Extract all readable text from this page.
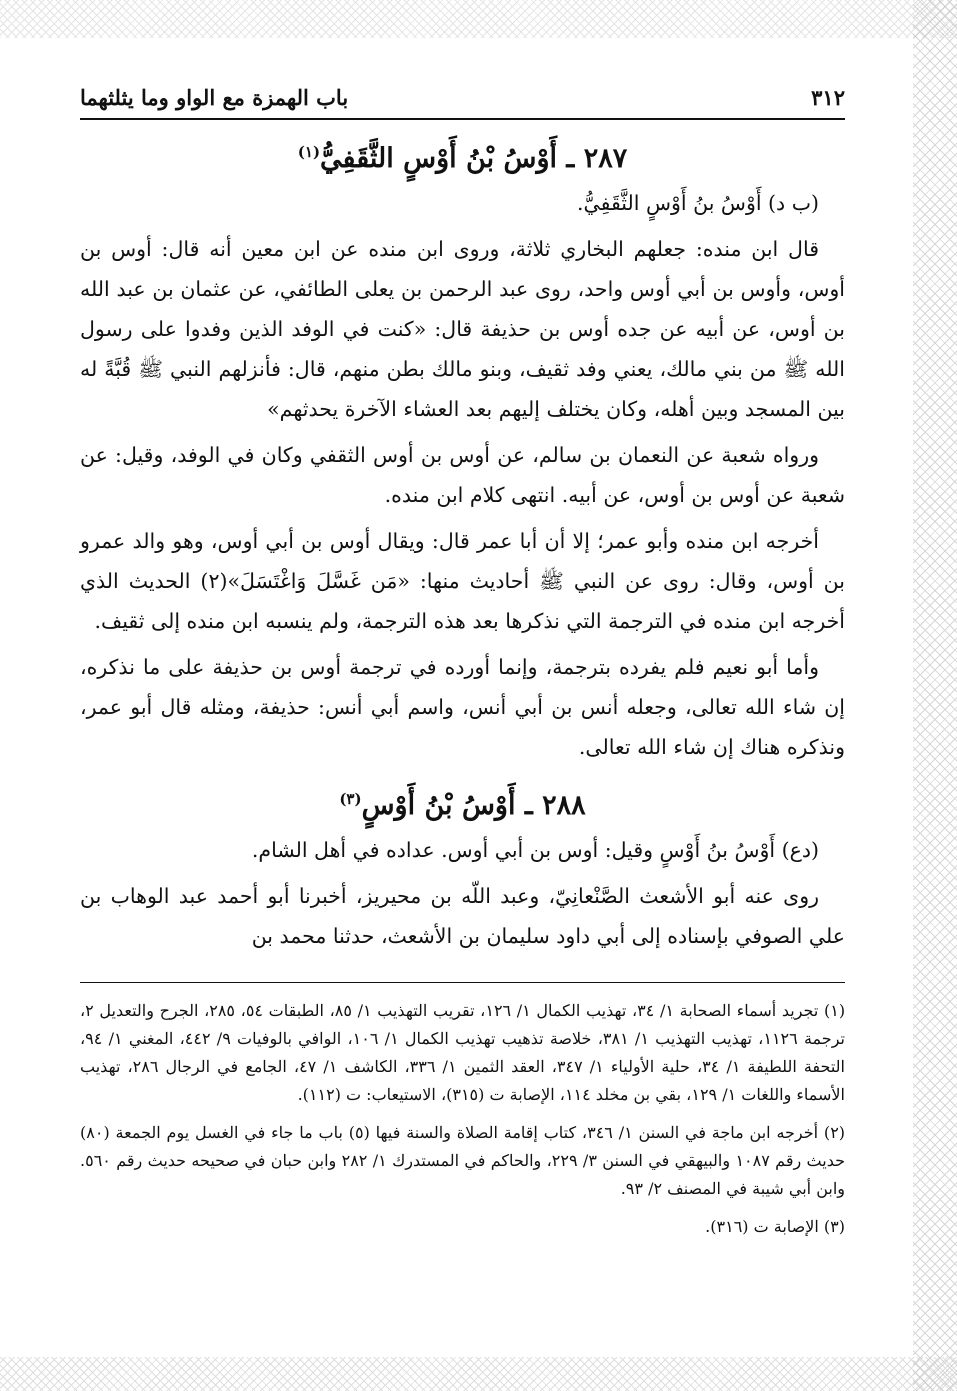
٣١٢
باب الهمزة مع الواو وما يثلثهما
٢٨٧ ـ أَوْسُ بْنُ أَوْسٍ الثَّقَفِيُّ$^{(١)}$

(ب د) أَوْسُ بنُ أَوْسٍ الثَّقَفِيُّ.

قال ابن منده: جعلهم البخاري ثلاثة، وروى ابن منده عن ابن معين أنه قال: أوس بن أوس، وأوس بن أبي أوس واحد، روى عبد الرحمن بن يعلى الطائفي، عن عثمان بن عبد الله بن أوس، عن أبيه عن جده أوس بن حذيفة قال: «كنت في الوفد الذين وفدوا على رسول الله ﷺ من بني مالك، يعني وفد ثقيف، وبنو مالك بطن منهم، قال: فأنزلهم النبي ﷺ قُبَّةً له بين المسجد وبين أهله، وكان يختلف إليهم بعد العشاء الآخرة يحدثهم»

ورواه شعبة عن النعمان بن سالم، عن أوس بن أوس الثقفي وكان في الوفد، وقيل: عن شعبة عن أوس بن أوس، عن أبيه. انتهى كلام ابن منده.

أخرجه ابن منده وأبو عمر؛ إلا أن أبا عمر قال: ويقال أوس بن أبي أوس، وهو والد عمرو بن أوس، وقال: روى عن النبي ﷺ أحاديث منها: «مَن غَسَّلَ وَاغْتَسَلَ»(٢) الحديث الذي أخرجه ابن منده في الترجمة التي نذكرها بعد هذه الترجمة، ولم ينسبه ابن منده إلى ثقيف.

وأما أبو نعيم فلم يفرده بترجمة، وإنما أورده في ترجمة أوس بن حذيفة على ما نذكره، إن شاء الله تعالى، وجعله أنس بن أبي أنس، واسم أبي أنس: حذيفة، ومثله قال أبو عمر، ونذكره هناك إن شاء الله تعالى.

٢٨٨ ـ أَوْسُ بْنُ أَوْسٍ$^{(٣)}$

(دع) أَوْسُ بنُ أَوْسٍ وقيل: أوس بن أبي أوس. عداده في أهل الشام.

روى عنه أبو الأشعث الصَّنْعانِيّ، وعبد اللّه بن محيريز، أخبرنا أبو أحمد عبد الوهاب بن علي الصوفي بإسناده إلى أبي داود سليمان بن الأشعث، حدثنا محمد بن

(١) تجريد أسماء الصحابة ١/ ٣٤، تهذيب الكمال ١/ ١٢٦، تقريب التهذيب ١/ ٨٥، الطبقات ٥٤، ٢٨٥، الجرح والتعديل ٢، ترجمة ١١٢٦، تهذيب التهذيب ١/ ٣٨١، خلاصة تذهيب تهذيب الكمال ١/ ١٠٦، الوافي بالوفيات ٩/ ٤٤٢، المغني ١/ ٩٤، التحفة اللطيفة ١/ ٣٤، حلية الأولياء ١/ ٣٤٧، العقد الثمين ١/ ٣٣٦، الكاشف ١/ ٤٧، الجامع في الرجال ٢٨٦، تهذيب الأسماء واللغات ١/ ١٢٩، بقي بن مخلد ١١٤، الإصابة ت (٣١٥)، الاستيعاب: ت (١١٢).

(٢) أخرجه ابن ماجة في السنن ١/ ٣٤٦، كتاب إقامة الصلاة والسنة فيها (٥) باب ما جاء في الغسل يوم الجمعة (٨٠) حديث رقم ١٠٨٧ والبيهقي في السنن ٣/ ٢٢٩، والحاكم في المستدرك ١/ ٢٨٢ وابن حبان في صحيحه حديث رقم ٥٦٠. وابن أبي شيبة في المصنف ٢/ ٩٣.

(٣) الإصابة ت (٣١٦).
